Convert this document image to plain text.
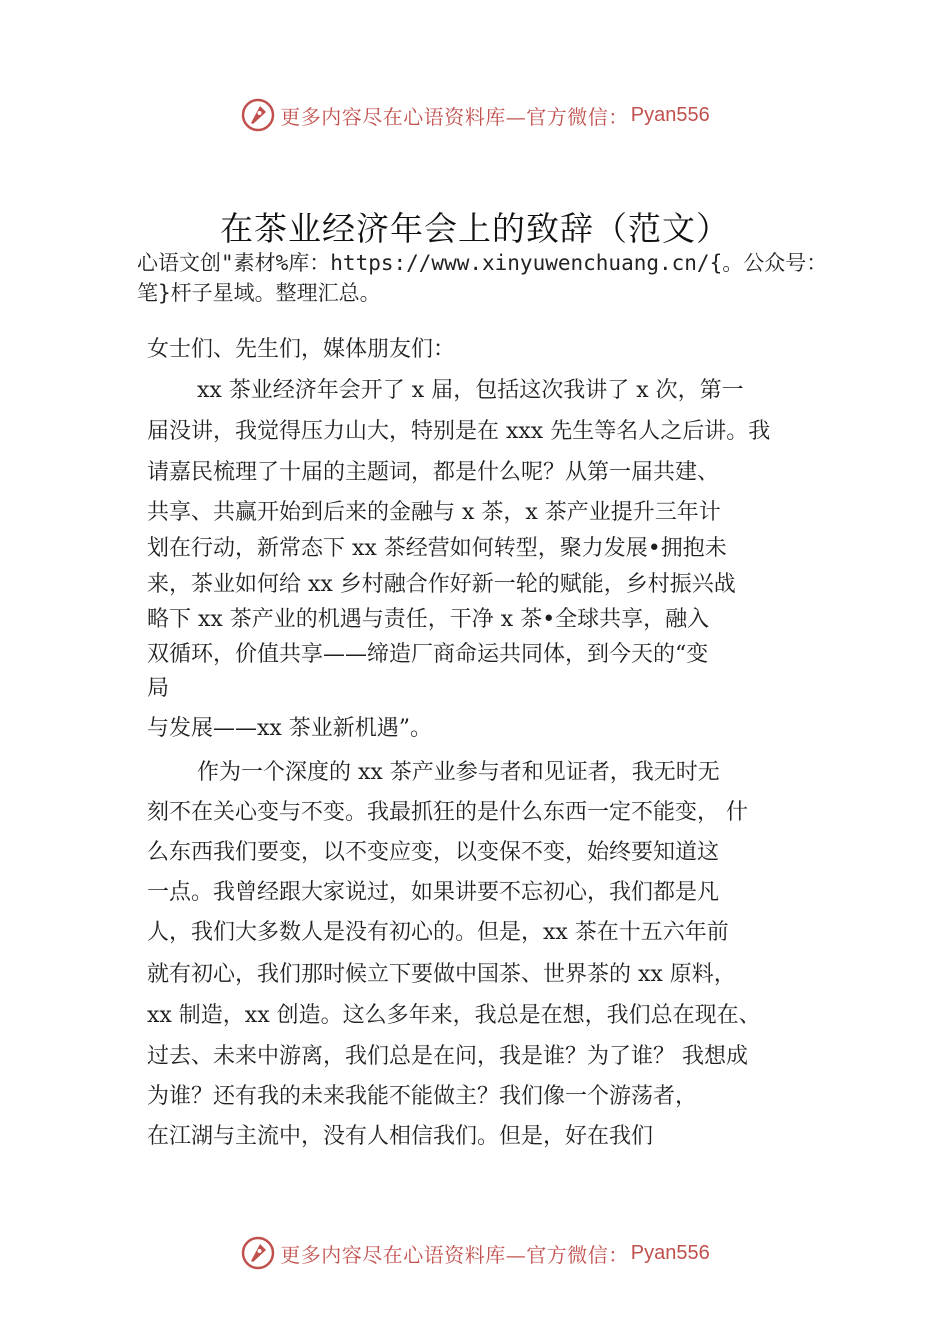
更多内容尽在心语资料库—官方微信： Pyan556
在茶业经济年会上的致辞（范文）
心语文创"素材%库：https://www.xinyuwenchuang.cn/{。公众号：笔}杆子星域。整理汇总。
女士们、先生们，媒体朋友们：
xx 茶业经济年会开了 x 届，包括这次我讲了 x 次，第一
届没讲，我觉得压力山大，特别是在 xxx 先生等名人之后讲。我
请嘉民梳理了十届的主题词，都是什么呢？从第一届共建、
共享、共赢开始到后来的金融与 x 茶，x 茶产业提升三年计
划在行动，新常态下 xx 茶经营如何转型，聚力发展•拥抱未
来，茶业如何给 xx 乡村融合作好新一轮的赋能，乡村振兴战
略下 xx 茶产业的机遇与责任，干净 x 茶•全球共享，融入
双循环，价值共享——缔造厂商命运共同体，到今天的“变
局
与发展——xx 茶业新机遇”。
作为一个深度的 xx 茶产业参与者和见证者，我无时无
刻不在关心变与不变。我最抓狂的是什么东西一定不能变， 什
么东西我们要变，以不变应变，以变保不变，始终要知道这
一点。我曾经跟大家说过，如果讲要不忘初心，我们都是凡
人，我们大多数人是没有初心的。但是，xx 茶在十五六年前
就有初心，我们那时候立下要做中国茶、世界茶的 xx 原料，
xx 制造，xx 创造。这么多年来，我总是在想，我们总在现在、
过去、未来中游离，我们总是在问，我是谁？为了谁？ 我想成
为谁？还有我的未来我能不能做主？我们像一个游荡者，
在江湖与主流中，没有人相信我们。但是，好在我们
更多内容尽在心语资料库—官方微信： Pyan556
